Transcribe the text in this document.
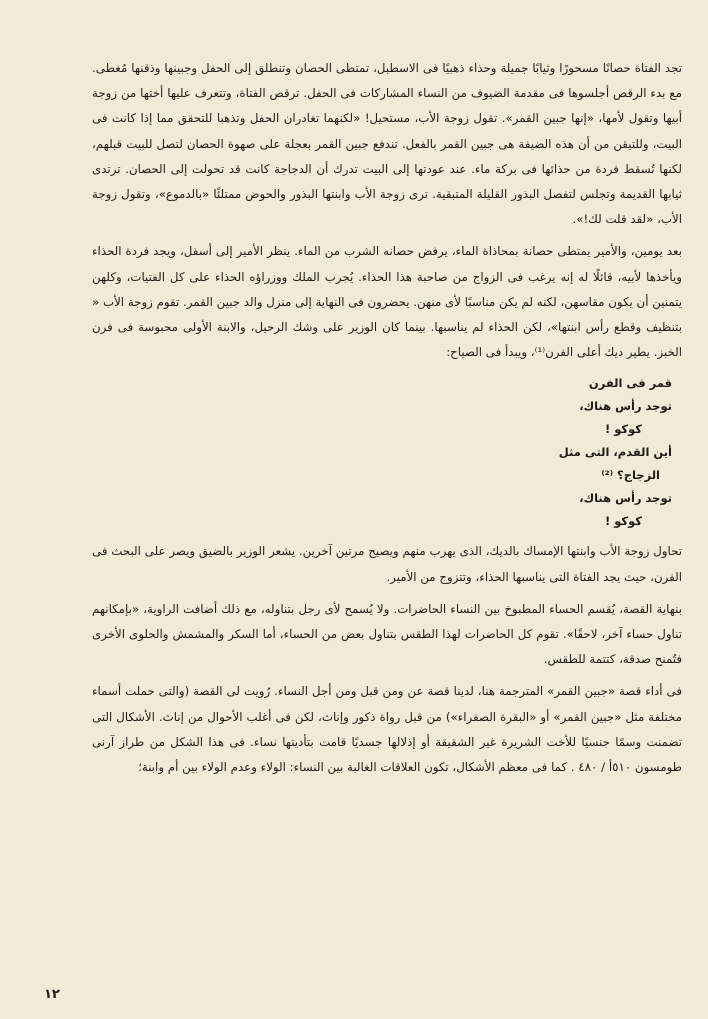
تجد الفتاة حصانًا مسحورًا وثيابًا جميلة وحذاء ذهبيًا فى الاسطبل، تمتطى الحصان وتنطلق إلى الحفل وجبينها وذقنها مُغطى. مع بدء الرقص أجلسوها فى مقدمة الضيوف من النساء المشاركات فى الحفل. ترقص الفتاة، وتتعرف عليها أختها من زوجة أبيها وتقول لأمها، «إنها جبين القمر». تقول زوجة الأب، مستحيل! «لكنهما تغادران الحفل وتذهبا للتحقق مما إذا كانت فى البيت، وللتيقن من أن هذه الضيفة هى جبين القمر بالفعل. تندفع جبين القمر بعجلة على صهوة الحصان لتصل للبيت قبلهم، لكنها تُسقط فردة من حذائها فى بركة ماء. عند عودتها إلى البيت تدرك أن الدجاجة كانت قد تحولت إلى الحصان. ترتدى ثيابها القديمة وتجلس لتفصل البذور القليلة المتبقية. ترى زوجة الأب وابنتها البذور والحوض ممتلئًا «بالدموع»، وتقول زوجة الأب، «لقد قلت لك!».

بعد يومين، والأمير يمتطى حصانة بمحاذاة الماء، يرفض حصانه الشرب من الماء. ينظر الأمير إلى أسفل، ويجد فردة الحذاء ويأخذها لأبيه، قائلًا له إنه يرغب فى الزواج من صاحبة هذا الحذاء. يُجرب الملك ووزراؤه الحذاء على كل الفتيات، وكلهن يتمنين أن يكون مقاسهن، لكنه لم يكن مناسبًا لأى منهن. يحضرون فى النهاية إلى منزل والد جبين القمر. تقوم زوجة الأب « بتنظيف وقطع رأس ابنتها»، لكن الحذاء لم يناسبها. بينما كان الوزير على وشك الرحيل، والابنة الأولى محبوسة فى فرن الخبز. يطير ديك أعلى الفرن⁽¹⁾، ويبدأ فى الصياح:

قمر فى الفرن
توجد رأس هناك،
كوكو !
أين القدم، التى مثل
الزجاج؟ ⁽²⁾
توجد رأس هناك،
كوكو !

تحاول زوجة الأب وابنتها الإمساك بالديك، الذى يهرب منهم ويصيح مرتين آخرين. يشعر الوزير بالضيق ويصر على البحث فى الفرن، حيث يجد الفتاة التى يناسبها الحذاء، وتتزوج من الأمير.

بنهاية القصة، يُقسم الحساء المطبوخ بين النساء الحاضرات. ولا يُسمح لأى رجل بتناوله، مع ذلك أضافت الراوية، «بإمكانهم تناول حساء آخر، لاحقًا». تقوم كل الحاضرات لهذا الطقس بتناول بعض من الحساء، أما السكر والمشمش والحلوى الأخرى فتُمنح صدقة، كتتمة للطقس.

فى أداء قصة «جبين القمر» المترجمة هنا، لدينا قصة عن ومن قبل ومن أجل النساء. رُويت لى القصة (والتى حملت أسماء مختلفة مثل «جبين القمر» أو «البقرة الصفراء») من قبل رواة ذكور وإناث، لكن فى أغلب الأحوال من إناث. الأشكال التى تضمنت وسمًا جنسيًا للأخت الشريرة غير الشقيقة أو إذلالها جسديًا قامت بتأديتها نساء. فى هذا الشكل من طراز آرنى طومسون ٥١٠أ / ٤٨٠ . كما فى معظم الأشكال، تكون العلاقات الغالبة بين النساء: الولاء وعدم الولاء بين أم وابنة؛

١٢
